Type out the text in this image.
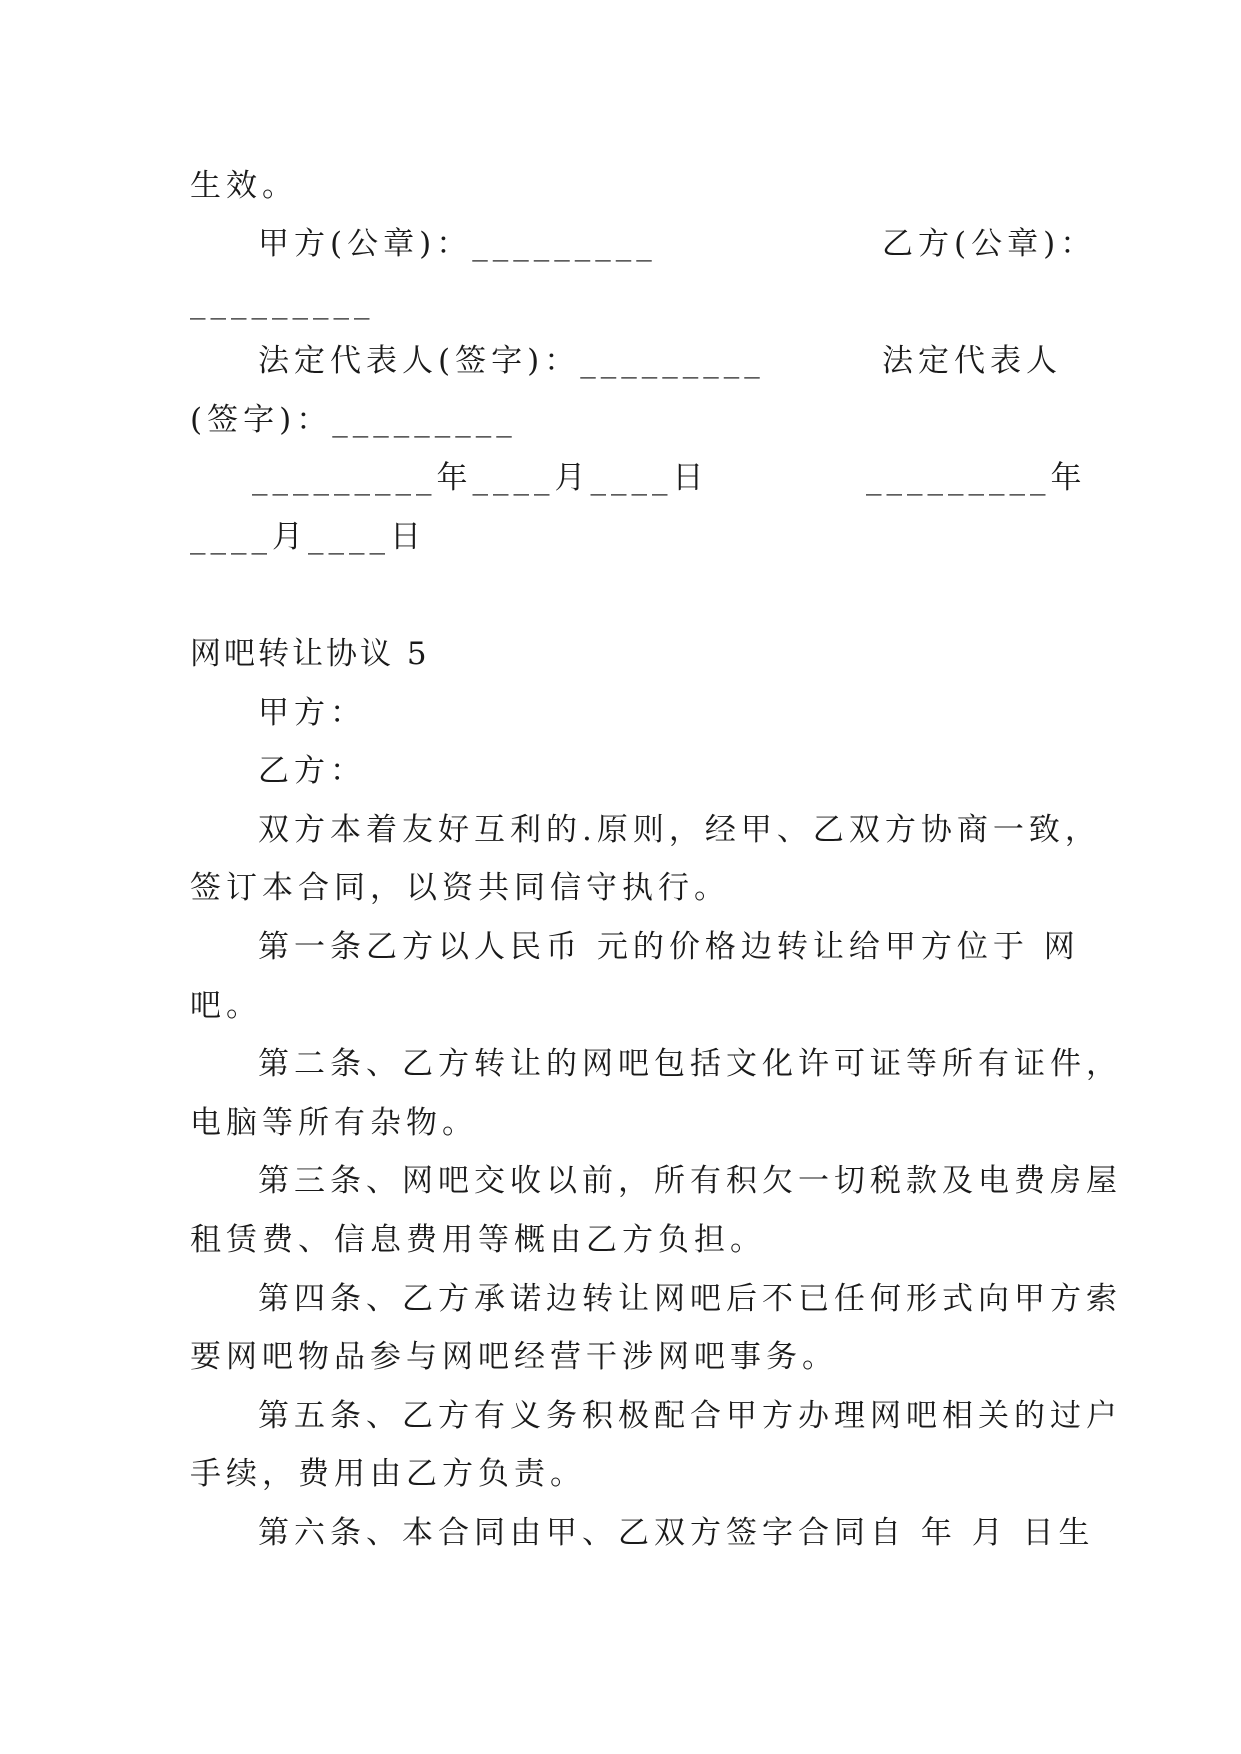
生效。
甲方(公章)：_________	乙方(公章)：
_________
法定代表人(签字)：_________	法定代表人
(签字)：_________
_________年____月____日	_________年
____月____日
网吧转让协议 5
甲方：
乙方：
双方本着友好互利的.原则，经甲、乙双方协商一致，
签订本合同，以资共同信守执行。
第一条乙方以人民币 元的价格边转让给甲方位于 网
吧。
第二条、乙方转让的网吧包括文化许可证等所有证件，
电脑等所有杂物。
第三条、网吧交收以前，所有积欠一切税款及电费房屋
租赁费、信息费用等概由乙方负担。
第四条、乙方承诺边转让网吧后不已任何形式向甲方索
要网吧物品参与网吧经营干涉网吧事务。
第五条、乙方有义务积极配合甲方办理网吧相关的过户
手续，费用由乙方负责。
第六条、本合同由甲、乙双方签字合同自 年 月 日生
